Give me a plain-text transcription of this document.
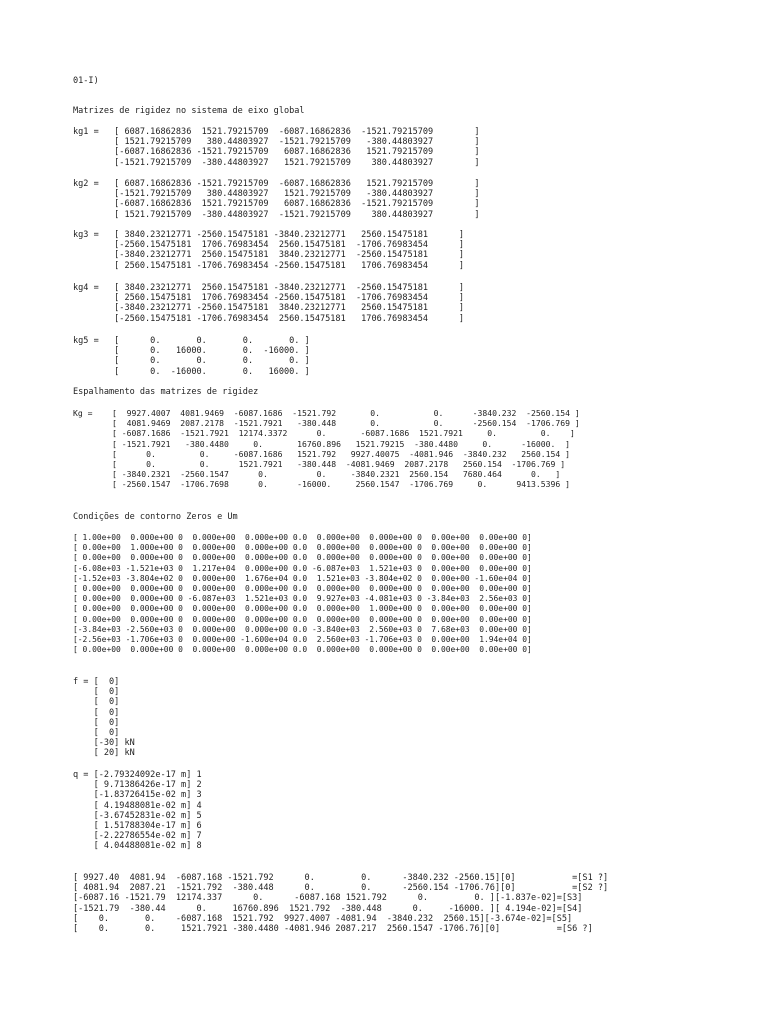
01-I)
Matrizes de rigidez no sistema de eixo global
kg1 =   [ 6087.16862836  1521.79215709  -6087.16862836  -1521.79215709        ]
[ 1521.79215709   380.44803927  -1521.79215709   -380.44803927        ]
[-6087.16862836 -1521.79215709   6087.16862836   1521.79215709        ]
[-1521.79215709  -380.44803927   1521.79215709    380.44803927        ]
kg2 =   [ 6087.16862836 -1521.79215709  -6087.16862836   1521.79215709        ]
[-1521.79215709   380.44803927   1521.79215709   -380.44803927        ]
[-6087.16862836  1521.79215709   6087.16862836  -1521.79215709        ]
[ 1521.79215709  -380.44803927  -1521.79215709    380.44803927        ]
kg3 =   [ 3840.23212771 -2560.15475181 -3840.23212771   2560.15475181      ]
[-2560.15475181  1706.76983454  2560.15475181  -1706.76983454      ]
[-3840.23212771  2560.15475181  3840.23212771  -2560.15475181      ]
[ 2560.15475181 -1706.76983454 -2560.15475181   1706.76983454      ]
kg4 =   [ 3840.23212771  2560.15475181 -3840.23212771  -2560.15475181      ]
[ 2560.15475181  1706.76983454 -2560.15475181  -1706.76983454      ]
[-3840.23212771 -2560.15475181  3840.23212771   2560.15475181      ]
[-2560.15475181 -1706.76983454  2560.15475181   1706.76983454      ]
kg5 =   [      0.       0.       0.       0. ]
[      0.   16000.       0.  -16000. ]
[      0.       0.       0.       0. ]
[      0.  -16000.       0.   16000. ]
Espalhamento das matrizes de rigidez
Kg =    [  9927.4007  4081.9469  -6087.1686  -1521.792       0.           0.      -3840.232  -2560.154 ]
[  4081.9469  2087.2178  -1521.7921   -380.448       0.           0.      -2560.154  -1706.769 ]
[ -6087.1686  -1521.7921  12174.3372      0.       -6087.1686  1521.7921     0.         0.    ]
[ -1521.7921   -380.4480     0.       16760.896   1521.79215  -380.4480     0.      -16000.  ]
[      0.         0.     -6087.1686   1521.792   9927.40075  -4081.946  -3840.232   2560.154 ]
[      0.         0.      1521.7921   -380.448  -4081.9469  2087.2178   2560.154  -1706.769 ]
[ -3840.2321  -2560.1547      0.          0.     -3840.2321  2560.154   7680.464      0.   ]
[ -2560.1547  -1706.7698      0.      -16000.     2560.1547  -1706.769     0.      9413.5396 ]
Condições de contorno Zeros e Um
[ 1.00e+00  0.000e+00 0  0.000e+00  0.000e+00 0.0  0.000e+00  0.000e+00 0  0.00e+00  0.00e+00 0]
[ 0.00e+00  1.000e+00 0  0.000e+00  0.000e+00 0.0  0.000e+00  0.000e+00 0  0.00e+00  0.00e+00 0]
[ 0.00e+00  0.000e+00 0  0.000e+00  0.000e+00 0.0  0.000e+00  0.000e+00 0  0.00e+00  0.00e+00 0]
[-6.08e+03 -1.521e+03 0  1.217e+04  0.000e+00 0.0 -6.087e+03  1.521e+03 0  0.00e+00  0.00e+00 0]
[-1.52e+03 -3.804e+02 0  0.000e+00  1.676e+04 0.0  1.521e+03 -3.804e+02 0  0.00e+00 -1.60e+04 0]
[ 0.00e+00  0.000e+00 0  0.000e+00  0.000e+00 0.0  0.000e+00  0.000e+00 0  0.00e+00  0.00e+00 0]
[ 0.00e+00  0.000e+00 0 -6.087e+03  1.521e+03 0.0  9.927e+03 -4.081e+03 0 -3.84e+03  2.56e+03 0]
[ 0.00e+00  0.000e+00 0  0.000e+00  0.000e+00 0.0  0.000e+00  1.000e+00 0  0.00e+00  0.00e+00 0]
[ 0.00e+00  0.000e+00 0  0.000e+00  0.000e+00 0.0  0.000e+00  0.000e+00 0  0.00e+00  0.00e+00 0]
[-3.84e+03 -2.560e+03 0  0.000e+00  0.000e+00 0.0 -3.840e+03  2.560e+03 0  7.68e+03  0.00e+00 0]
[-2.56e+03 -1.706e+03 0  0.000e+00 -1.600e+04 0.0  2.560e+03 -1.706e+03 0  0.00e+00  1.94e+04 0]
[ 0.00e+00  0.000e+00 0  0.000e+00  0.000e+00 0.0  0.000e+00  0.000e+00 0  0.00e+00  0.00e+00 0]
f = [  0]
[  0]
[  0]
[  0]
[  0]
[  0]
[-30] kN
[ 20] kN
q = [-2.79324092e-17 m] 1
[ 9.71386426e-17 m] 2
[-1.83726415e-02 m] 3
[ 4.19488081e-02 m] 4
[-3.67452831e-02 m] 5
[ 1.51788304e-17 m] 6
[-2.22786554e-02 m] 7
[ 4.04488081e-02 m] 8
[ 9927.40  4081.94  -6087.168 -1521.792      0.         0.      -3840.232 -2560.15][0]           =[S1 ?]
[ 4081.94  2087.21  -1521.792  -380.448      0.         0.      -2560.154 -1706.76][0]           =[S2 ?]
[-6087.16 -1521.79  12174.337      0.      -6087.168 1521.792      0.         0. ][-1.837e-02]=[S3]
[-1521.79  -380.44      0.     16760.896  1521.792  -380.448      0.     -16000. ][ 4.194e-02]=[S4]
[    0.       0.    -6087.168  1521.792  9927.4007 -4081.94  -3840.232  2560.15][-3.674e-02]=[S5]
[    0.       0.     1521.7921 -380.4480 -4081.946 2087.217  2560.1547 -1706.76][0]           =[S6 ?]
